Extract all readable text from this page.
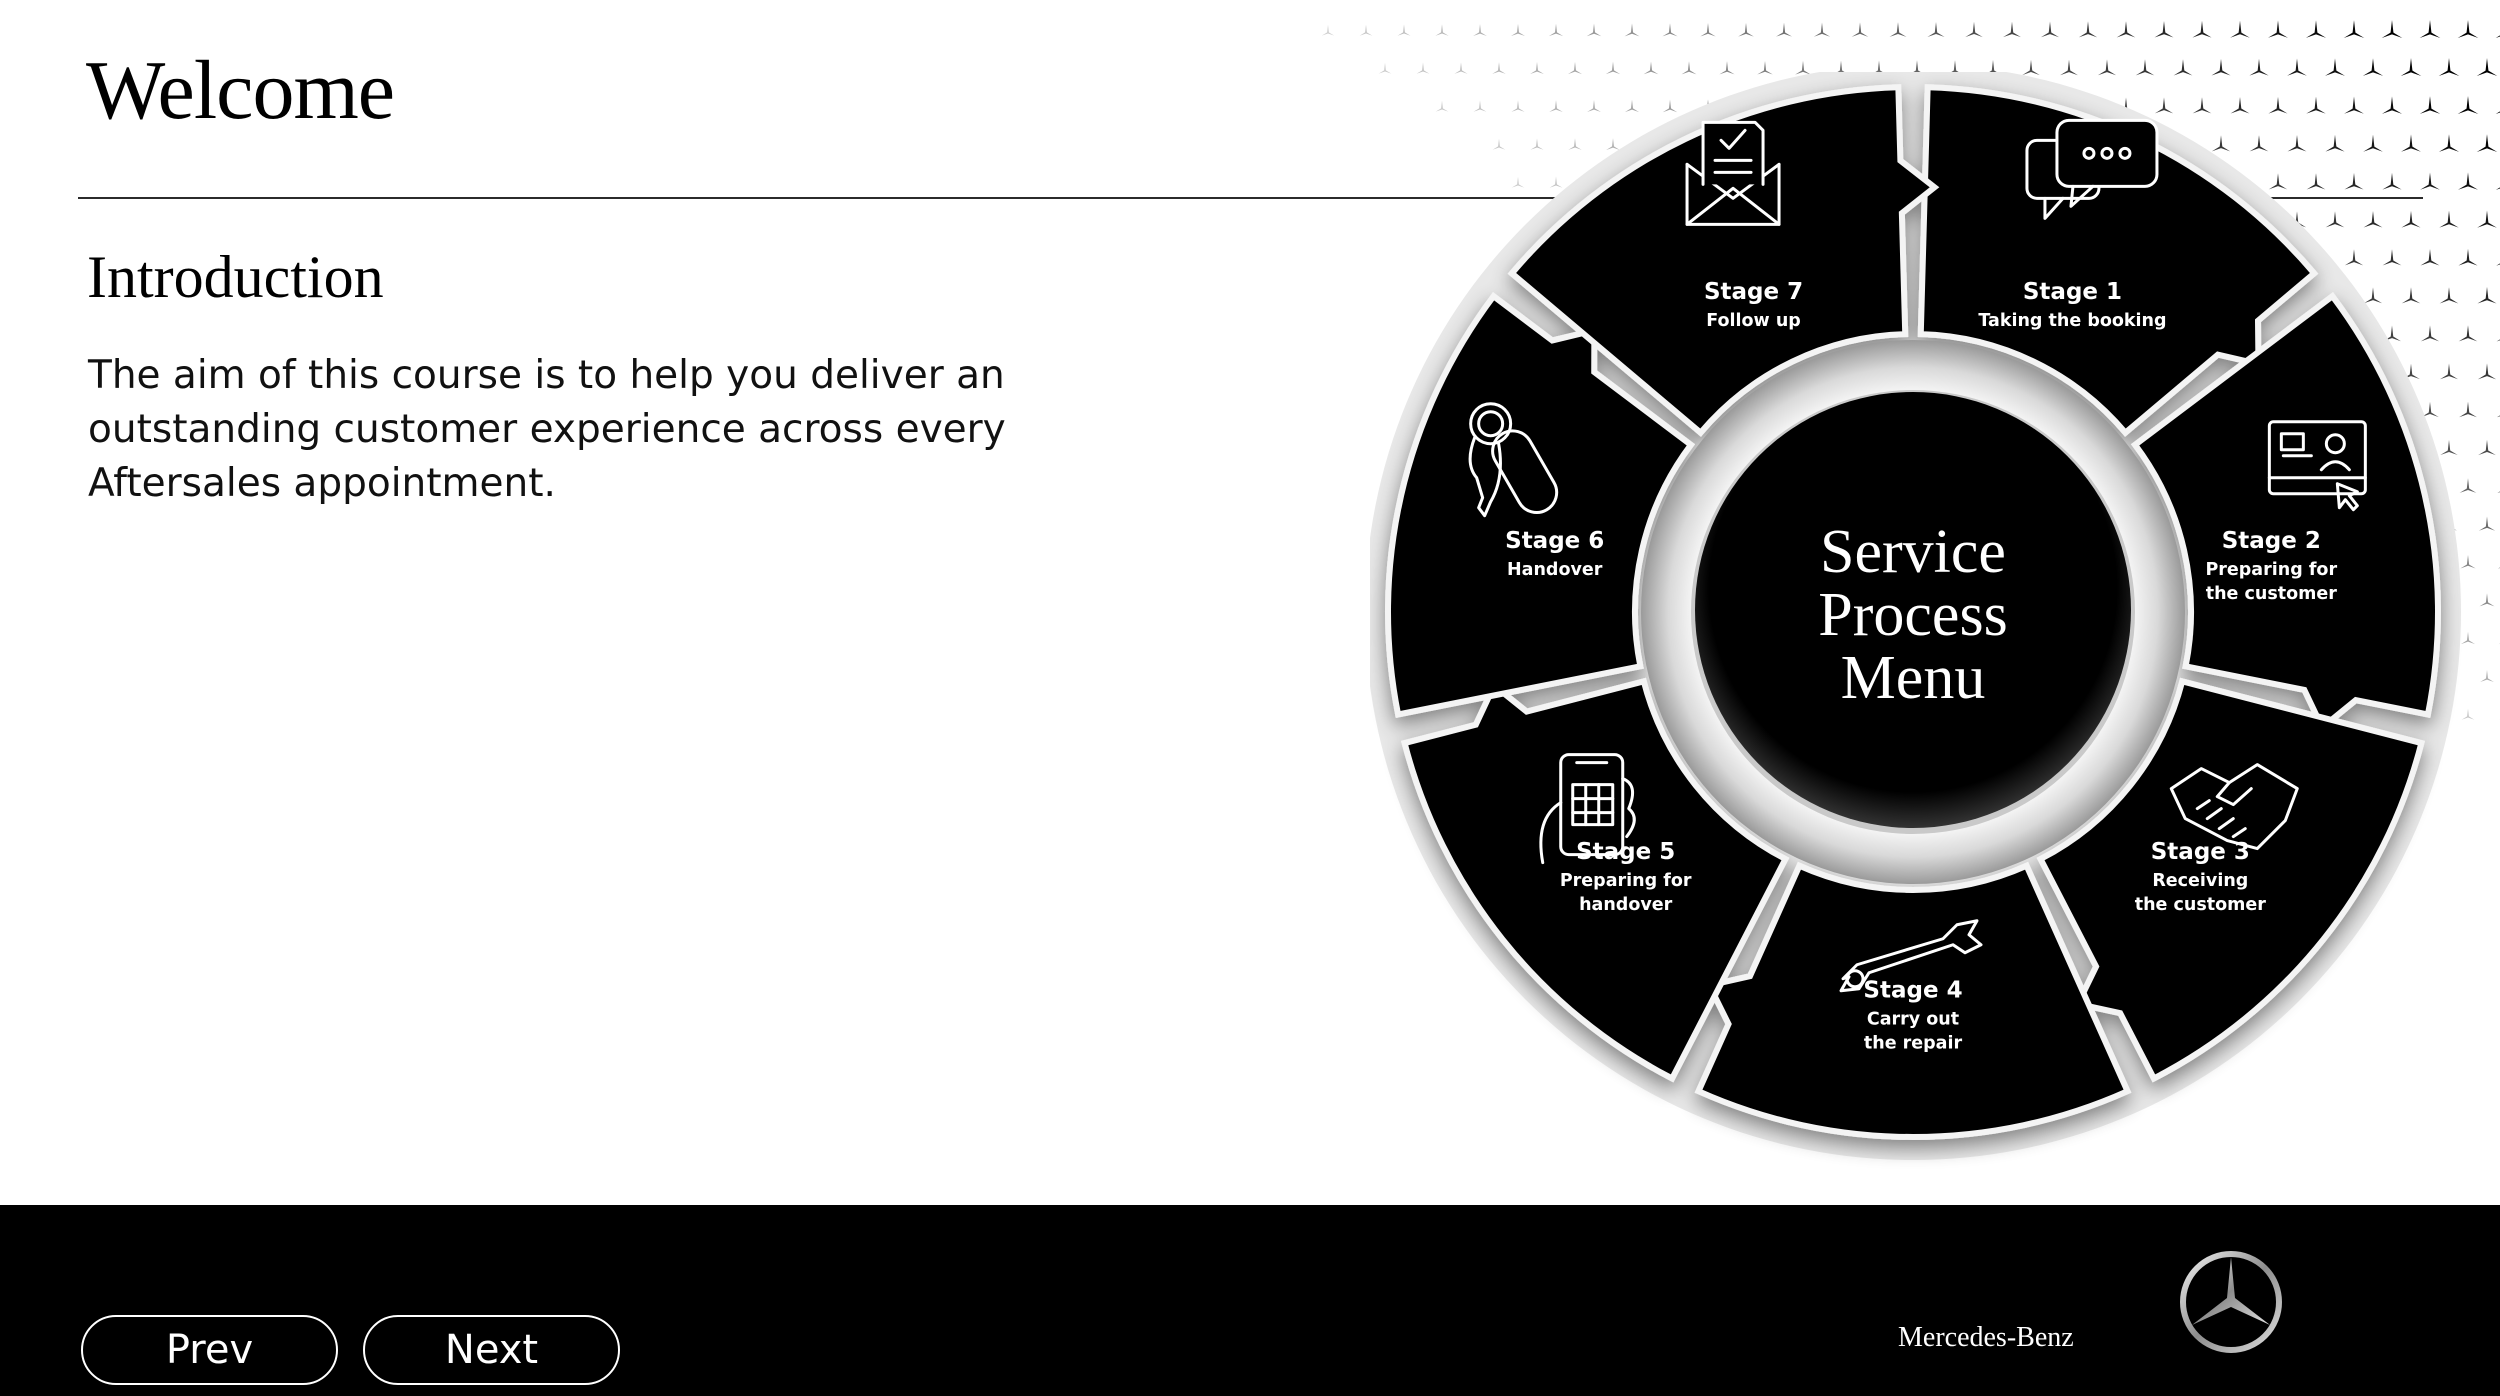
Welcome
Introduction

The aim of this course is to help you deliver an outstanding customer experience across every Aftersales appointment.

Service
Process
Menu
Stage 1
Taking the booking
Stage 2
Preparing for
the customer
Stage 3
Receiving
the customer
Stage 4
Carry out
the repair
Stage 5
Preparing for
handover
Stage 6
Handover
Stage 7
Follow up
Prev	Next	Mercedes-Benz
